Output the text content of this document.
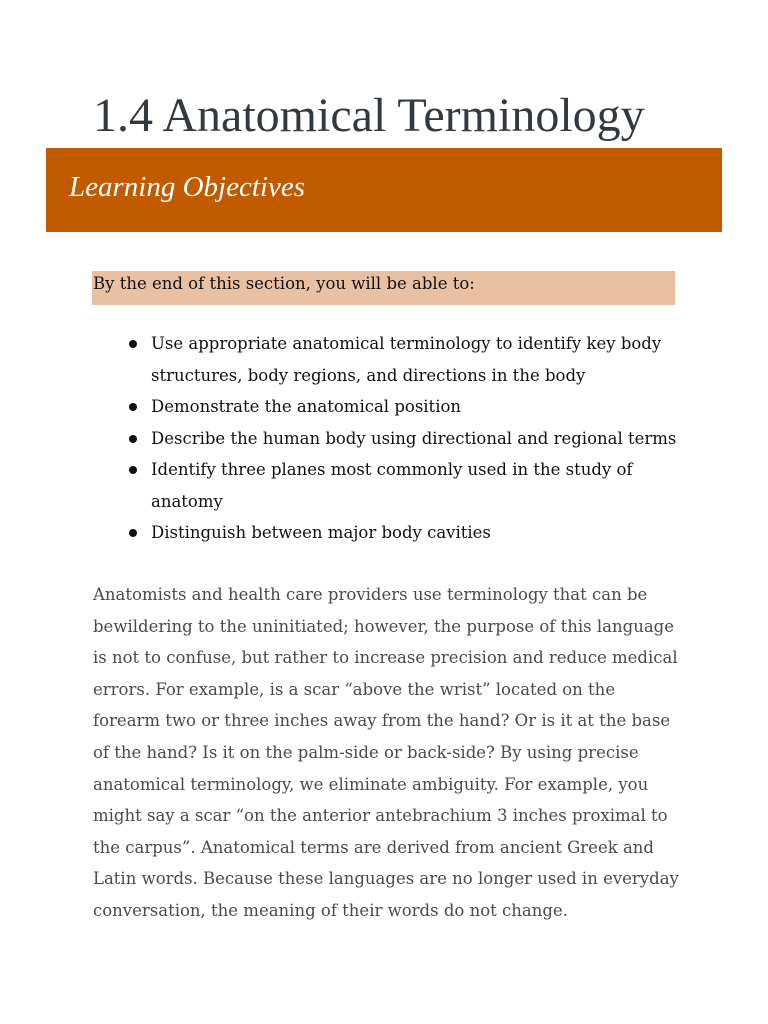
1.4 Anatomical Terminology
Learning Objectives
By the end of this section, you will be able to:
Use appropriate anatomical terminology to identify key body structures, body regions, and directions in the body
Demonstrate the anatomical position
Describe the human body using directional and regional terms
Identify three planes most commonly used in the study of anatomy
Distinguish between major body cavities

Anatomists and health care providers use terminology that can be bewildering to the uninitiated; however, the purpose of this language is not to confuse, but rather to increase precision and reduce medical errors. For example, is a scar “above the wrist” located on the forearm two or three inches away from the hand? Or is it at the base of the hand? Is it on the palm-side or back-side? By using precise anatomical terminology, we eliminate ambiguity. For example, you might say a scar “on the anterior antebrachium 3 inches proximal to the carpus”. Anatomical terms are derived from ancient Greek and Latin words. Because these languages are no longer used in everyday conversation, the meaning of their words do not change.
